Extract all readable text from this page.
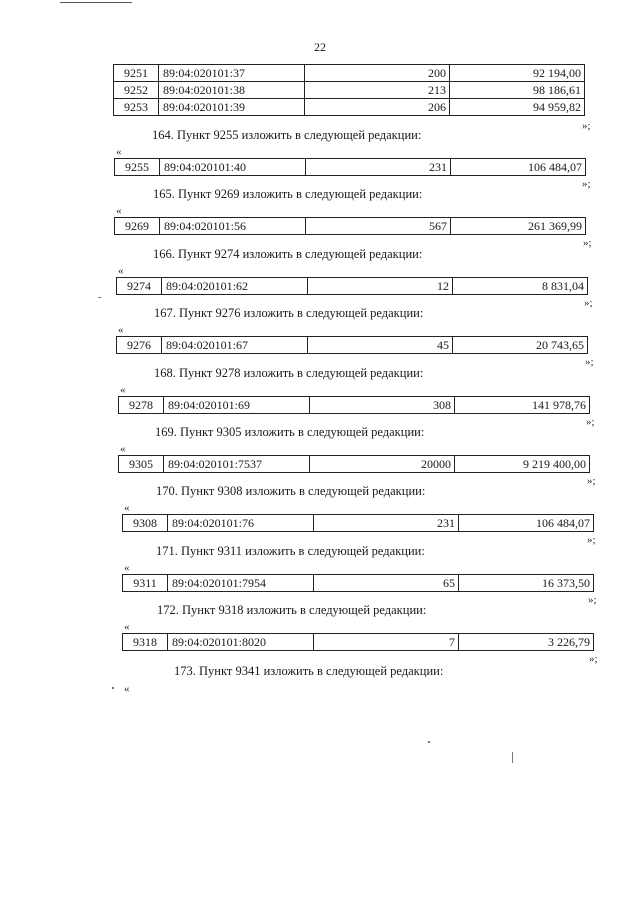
22
9251	89:04:020101:37	200	92 194,00
9252	89:04:020101:38	213	98 186,61
9253	89:04:020101:39	206	94 959,82
»;
164. Пункт 9255 изложить в следующей редакции:
«
9255	89:04:020101:40	231	106 484,07
»;
165. Пункт 9269 изложить в следующей редакции:
«
9269	89:04:020101:56	567	261 369,99
»;
166. Пункт 9274 изложить в следующей редакции:
«
9274	89:04:020101:62	12	8 831,04
»;
167. Пункт 9276 изложить в следующей редакции:
«
9276	89:04:020101:67	45	20 743,65
»;
168. Пункт 9278 изложить в следующей редакции:
«
9278	89:04:020101:69	308	141 978,76
»;
169. Пункт 9305 изложить в следующей редакции:
«
9305	89:04:020101:7537	20000	9 219 400,00
»;
170. Пункт 9308 изложить в следующей редакции:
«
9308	89:04:020101:76	231	106 484,07
»;
171. Пункт 9311 изложить в следующей редакции:
«
9311	89:04:020101:7954	65	16 373,50
»;
172. Пункт 9318 изложить в следующей редакции:
«
9318	89:04:020101:8020	7	3 226,79
»;
173. Пункт 9341 изложить в следующей редакции:
«
